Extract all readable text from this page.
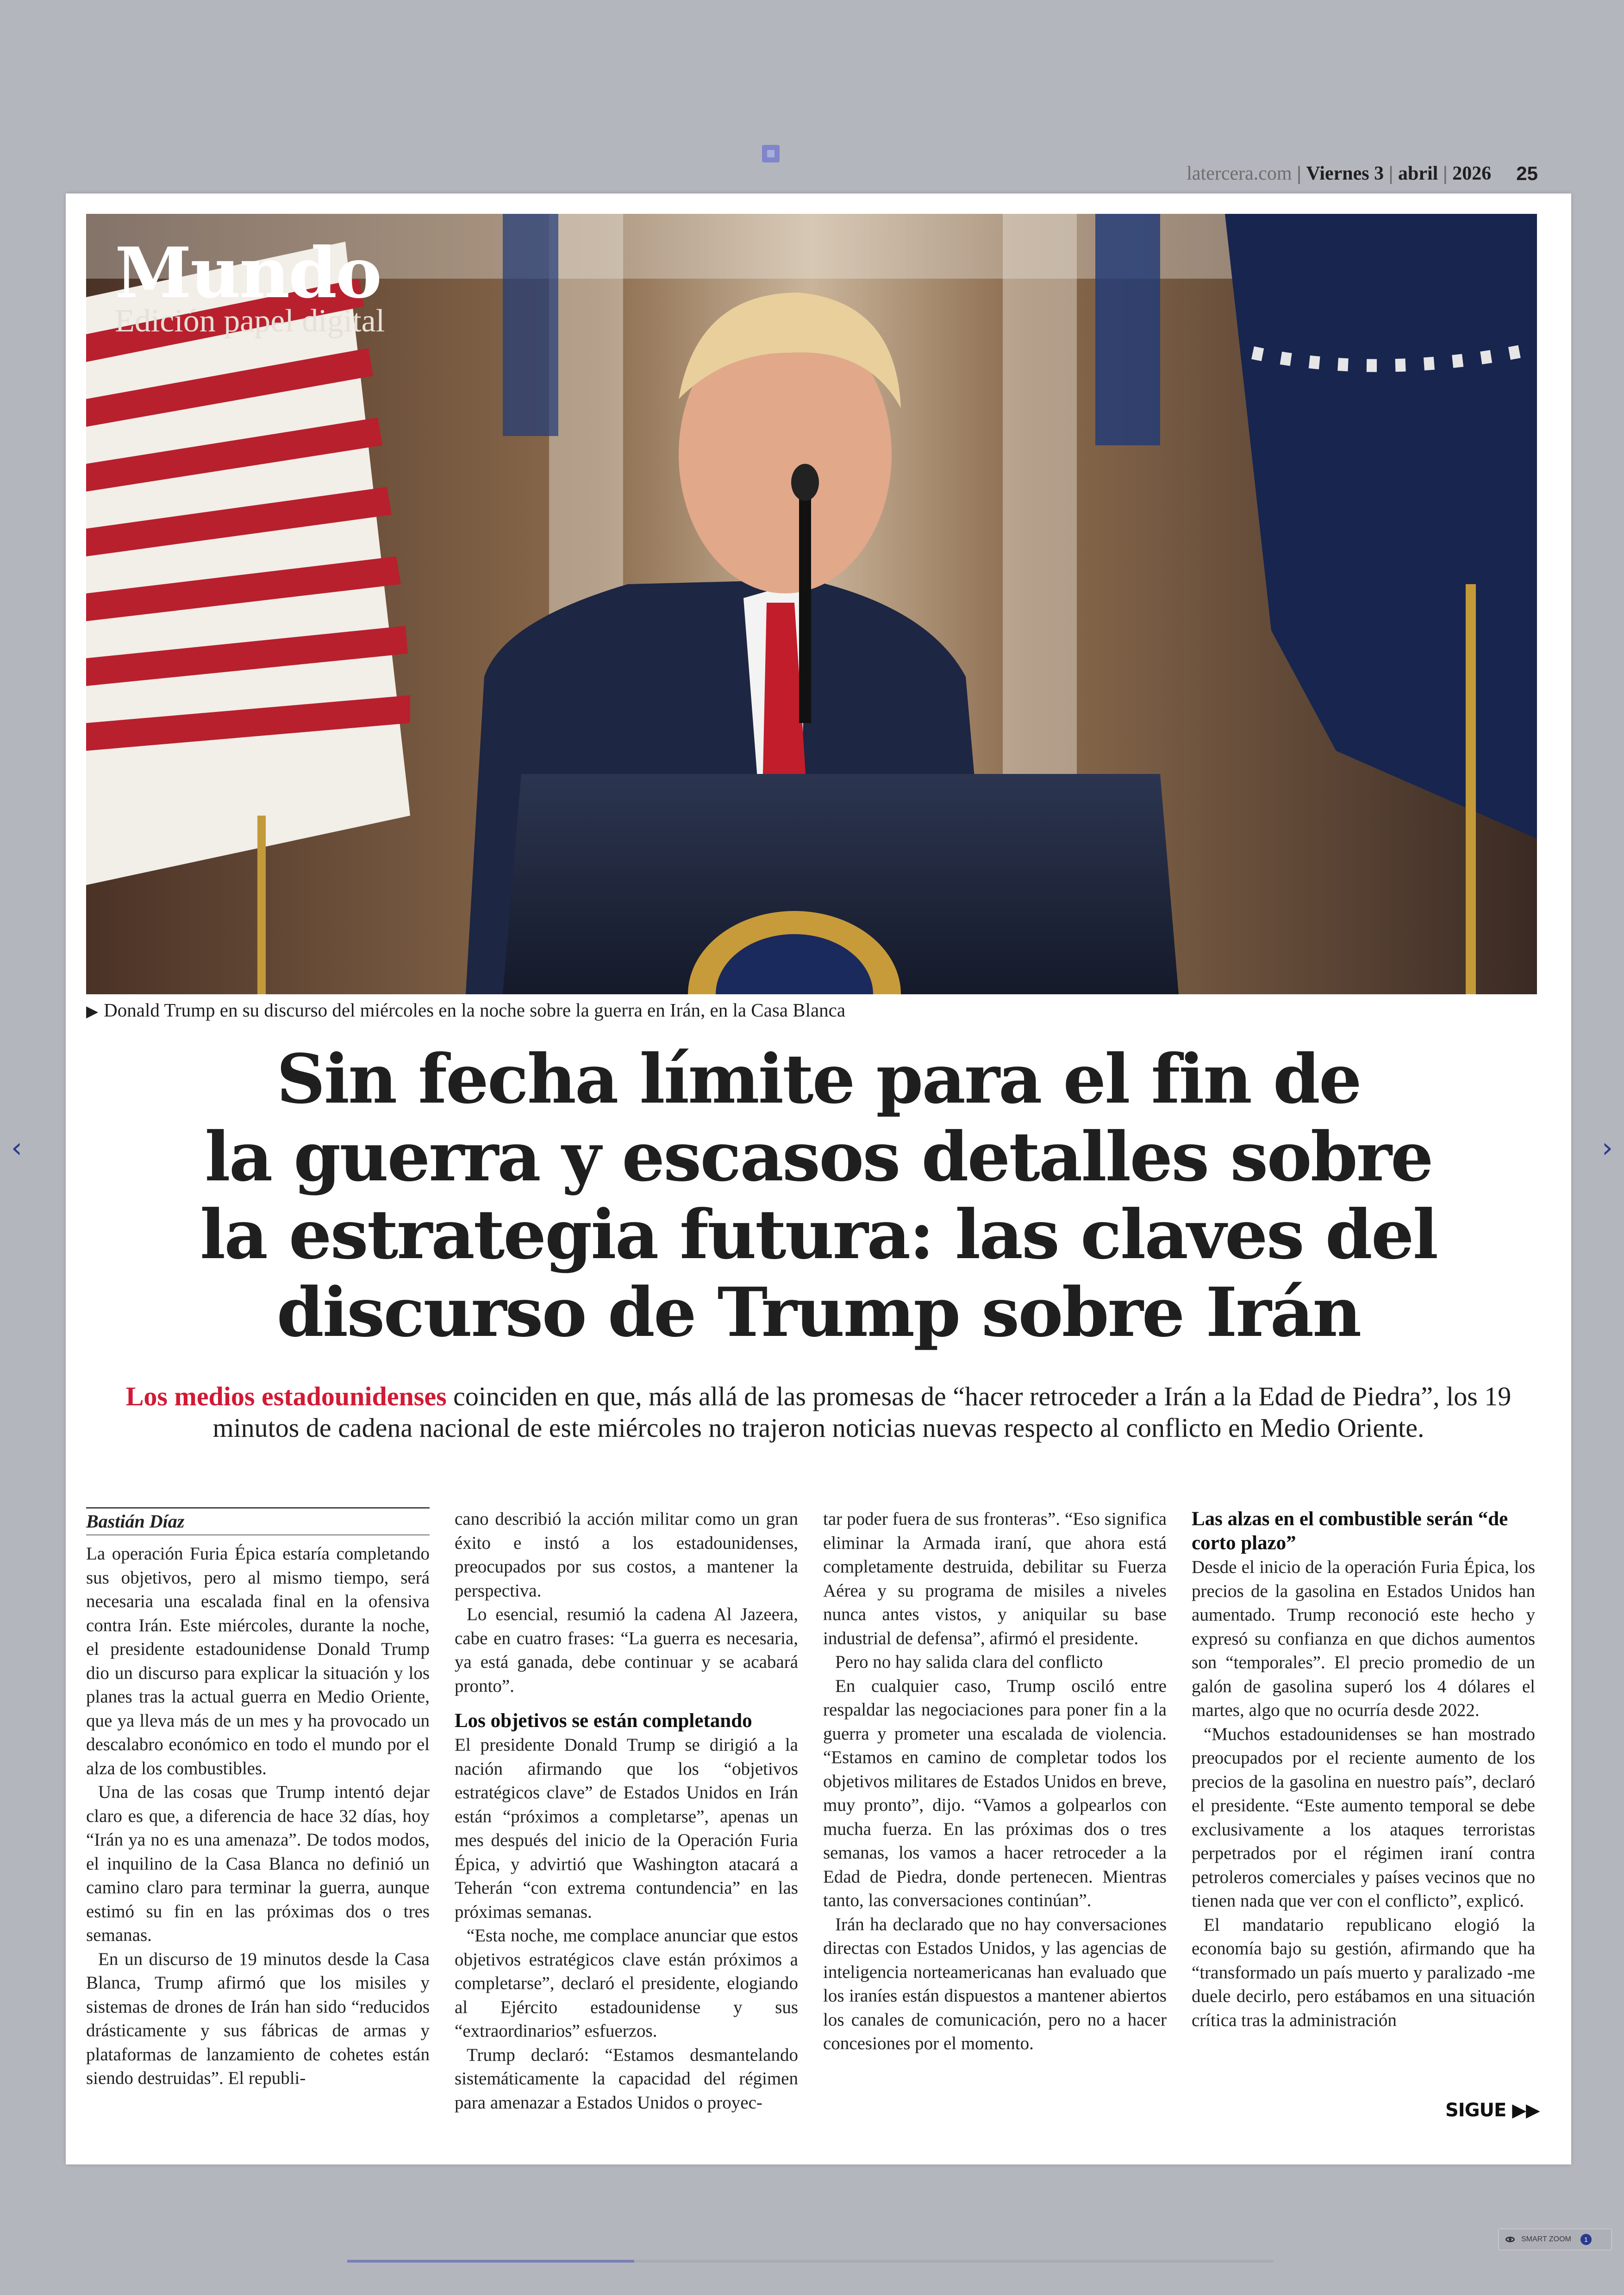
latercera.com | Viernes 3 | abril | 2026 25
‹	›
Mundo
Edición papel digital
▶ Donald Trump en su discurso del miércoles en la noche sobre la guerra en Irán, en la Casa Blanca
Sin fecha límite para el fin de
la guerra y escasos detalles sobre
la estrategia futura: las claves del
discurso de Trump sobre Irán
Los medios estadounidenses coinciden en que, más allá de las promesas de “hacer retroceder a Irán a la Edad de Piedra”, los 19 minutos de cadena nacional de este miércoles no trajeron noticias nuevas respecto al conflicto en Medio Oriente.
Bastián Díaz

La operación Furia Épica estaría completando sus objetivos, pero al mismo tiempo, será necesaria una escalada final en la ofensiva contra Irán. Este miércoles, durante la noche, el presidente estadounidense Donald Trump dio un discurso para explicar la situación y los planes tras la actual guerra en Medio Oriente, que ya lleva más de un mes y ha provocado un descalabro económico en todo el mundo por el alza de los combustibles.

Una de las cosas que Trump intentó dejar claro es que, a diferencia de hace 32 días, hoy “Irán ya no es una amenaza”. De todos modos, el inquilino de la Casa Blanca no definió un camino claro para terminar la guerra, aunque estimó su fin en las próximas dos o tres semanas.

En un discurso de 19 minutos desde la Casa Blanca, Trump afirmó que los misiles y sistemas de drones de Irán han sido “reducidos drásticamente y sus fábricas de armas y plataformas de lanzamiento de cohetes están siendo destruidas”. El republi-

cano describió la acción militar como un gran éxito e instó a los estadounidenses, preocupados por sus costos, a mantener la perspectiva.

Lo esencial, resumió la cadena Al Jazeera, cabe en cuatro frases: “La guerra es necesaria, ya está ganada, debe continuar y se acabará pronto”.

Los objetivos se están completando

El presidente Donald Trump se dirigió a la nación afirmando que los “objetivos estratégicos clave” de Estados Unidos en Irán están “próximos a completarse”, apenas un mes después del inicio de la Operación Furia Épica, y advirtió que Washington atacará a Teherán “con extrema contundencia” en las próximas semanas.

“Esta noche, me complace anunciar que estos objetivos estratégicos clave están próximos a completarse”, declaró el presidente, elogiando al Ejército estadounidense y sus “extraordinarios” esfuerzos.

Trump declaró: “Estamos desmantelando sistemáticamente la capacidad del régimen para amenazar a Estados Unidos o proyec-

tar poder fuera de sus fronteras”. “Eso significa eliminar la Armada iraní, que ahora está completamente destruida, debilitar su Fuerza Aérea y su programa de misiles a niveles nunca antes vistos, y aniquilar su base industrial de defensa”, afirmó el presidente.

Pero no hay salida clara del conflicto

En cualquier caso, Trump osciló entre respaldar las negociaciones para poner fin a la guerra y prometer una escalada de violencia. “Estamos en camino de completar todos los objetivos militares de Estados Unidos en breve, muy pronto”, dijo. “Vamos a golpearlos con mucha fuerza. En las próximas dos o tres semanas, los vamos a hacer retroceder a la Edad de Piedra, donde pertenecen. Mientras tanto, las conversaciones continúan”.

Irán ha declarado que no hay conversaciones directas con Estados Unidos, y las agencias de inteligencia norteamericanas han evaluado que los iraníes están dispuestos a mantener abiertos los canales de comunicación, pero no a hacer concesiones por el momento.

Las alzas en el combustible serán “de corto plazo”

Desde el inicio de la operación Furia Épica, los precios de la gasolina en Estados Unidos han aumentado. Trump reconoció este hecho y expresó su confianza en que dichos aumentos son “temporales”. El precio promedio de un galón de gasolina superó los 4 dólares el martes, algo que no ocurría desde 2022.

“Muchos estadounidenses se han mostrado preocupados por el reciente aumento de los precios de la gasolina en nuestro país”, declaró el presidente. “Este aumento temporal se debe exclusivamente a los ataques terroristas perpetrados por el régimen iraní contra petroleros comerciales y países vecinos que no tienen nada que ver con el conflicto”, explicó.

El mandatario republicano elogió la economía bajo su gestión, afirmando que ha “transformado un país muerto y paralizado -me duele decirlo, pero estábamos en una situación crítica tras la administración

SIGUE ▶▶
SMART ZOOM	1
